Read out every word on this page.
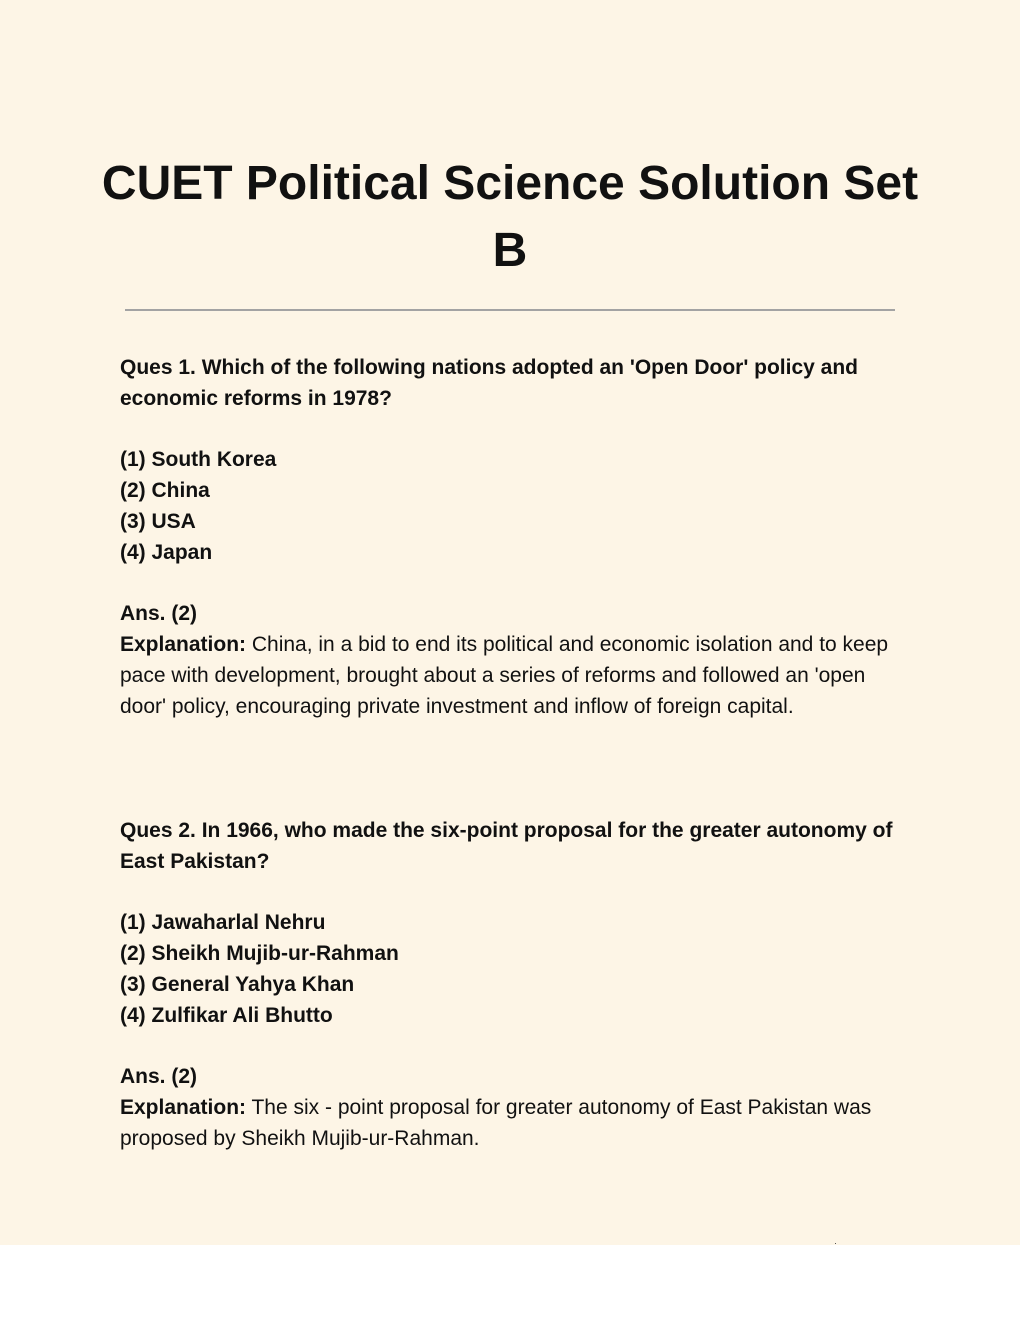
CUET Political Science Solution Set B

Ques 1. Which of the following nations adopted an 'Open Door' policy and economic reforms in 1978?

(1) South Korea
(2) China
(3) USA
(4) Japan

Ans. (2)

Explanation: China, in a bid to end its political and economic isolation and to keep pace with development, brought about a series of reforms and followed an 'open door' policy, encouraging private investment and inflow of foreign capital.

Ques 2. In 1966, who made the six-point proposal for the greater autonomy of East Pakistan?

(1) Jawaharlal Nehru
(2) Sheikh Mujib-ur-Rahman
(3) General Yahya Khan
(4) Zulfikar Ali Bhutto

Ans. (2)

Explanation: The six - point proposal for greater autonomy of East Pakistan was proposed by Sheikh Mujib-ur-Rahman.
